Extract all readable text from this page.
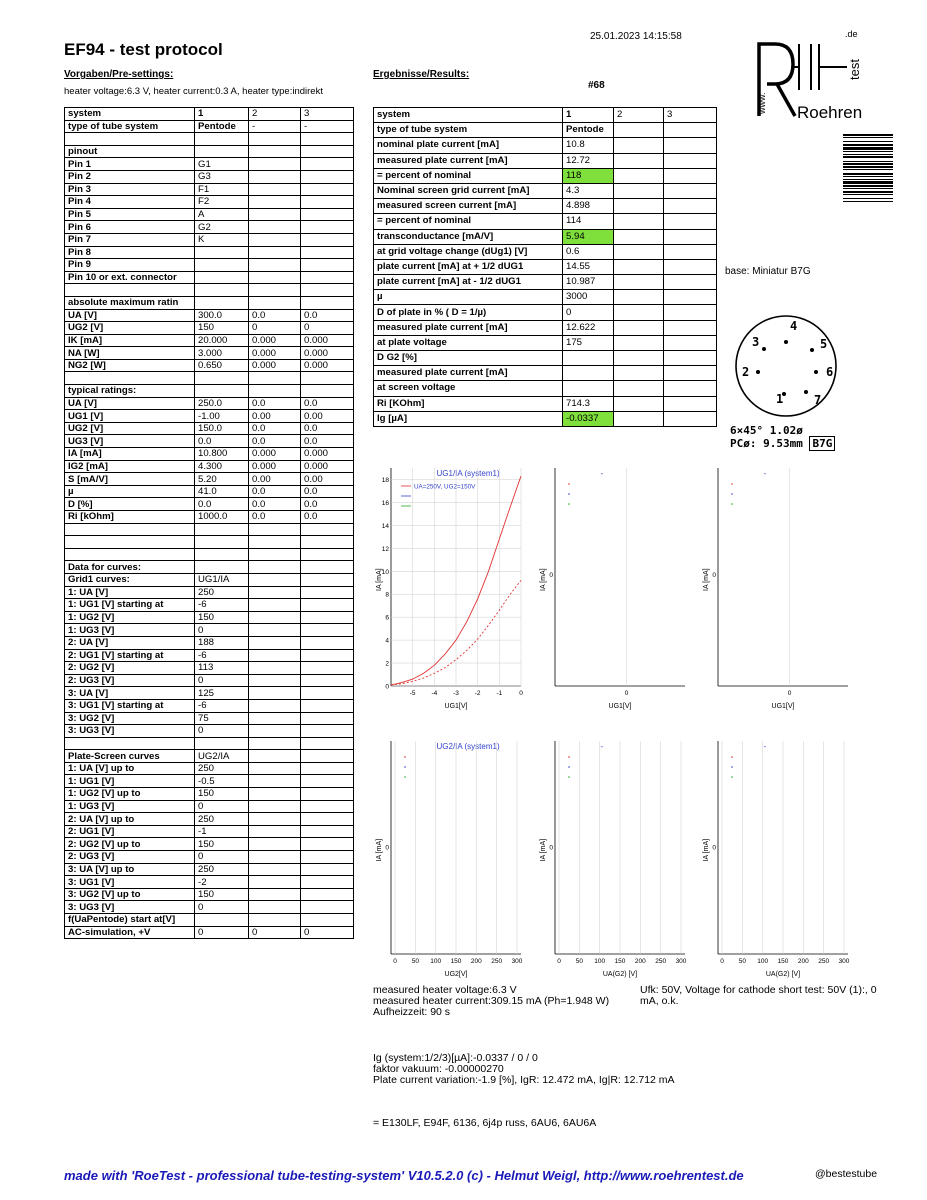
EF94 - test protocol
25.01.2023 14:15:58
Vorgaben/Pre-settings:
heater voltage:6.3 V, heater current:0.3 A, heater type:indirekt
Ergebnisse/Results:
#68
system	1	2	3
type of tube system	Pentode	-	-

pinout			
Pin 1	G1		
Pin 2	G3		
Pin 3	F1		
Pin 4	F2		
Pin 5	A		
Pin 6	G2		
Pin 7	K		
Pin 8			
Pin 9			
Pin 10 or ext. connector			

absolute maximum ratin			
UA [V]	300.0	0.0	0.0
UG2 [V]	150	0	0
IK [mA]	20.000	0.000	0.000
NA [W]	3.000	0.000	0.000
NG2 [W]	0.650	0.000	0.000

typical ratings:			
UA [V]	250.0	0.0	0.0
UG1 [V]	-1.00	0.00	0.00
UG2 [V]	150.0	0.0	0.0
UG3 [V]	0.0	0.0	0.0
IA [mA]	10.800	0.000	0.000
IG2 [mA]	4.300	0.000	0.000
S [mA/V]	5.20	0.00	0.00
µ	41.0	0.0	0.0
D [%]	0.0	0.0	0.0
Ri [kOhm]	1000.0	0.0	0.0

Data for curves:			
Grid1 curves:	UG1/IA		
1: UA [V]	250		
1: UG1 [V] starting at	-6		
1: UG2 [V]	150		
1: UG3 [V]	0		
2: UA [V]	188		
2: UG1 [V] starting at	-6		
2: UG2 [V]	113		
2: UG3 [V]	0		
3: UA [V]	125		
3: UG1 [V] starting at	-6		
3: UG2 [V]	75		
3: UG3 [V]	0		

Plate-Screen curves	UG2/IA		
1: UA [V] up to	250		
1: UG1 [V]	-0.5		
1: UG2 [V] up to	150		
1: UG3 [V]	0		
2: UA [V] up to	250		
2: UG1 [V]	-1		
2: UG2 [V] up to	150		
2: UG3 [V]	0		
3: UA [V] up to	250		
3: UG1 [V]	-2		
3: UG2 [V] up to	150		
3: UG3 [V]	0		
f(UaPentode) start at[V]			
AC-simulation, +V	0	0	0
system	1	2	3
type of tube system	Pentode		
nominal plate current [mA]	10.8		
measured plate current [mA]	12.72		
= percent of nominal	118		
Nominal screen grid current [mA]	4.3		
measured screen current [mA]	4.898		
= percent of nominal	114		
transconductance [mA/V]	5.94		
at grid voltage change (dUg1) [V]	0.6		
plate current [mA] at + 1/2 dUG1	14.55		
plate current [mA] at - 1/2 dUG1	10.987		
µ	3000		
D of plate in % ( D = 1/µ)	0		
measured plate current [mA]	12.622		
at plate voltage	175		
D G2 [%]			
measured plate current [mA]			
at screen voltage			
Ri [KOhm]	714.3		
Ig [µA]	-0.0337		
.de
www.
test
Roehren
base: Miniatur B7G
1
2
3
4
5
6
7
6×45° 1.02ø
PCø: 9.53mm B7G
UG1/IA (system1)
IA [mA]
UG1[V]
0
2
4
6
8
10
12
14
16
18
-5 -4 -3 -2 -1	0
UA=250V, UG2=150V
-
IA [mA]
UG1[V]
0
0
-
IA [mA]
UG1[V]
0
0
UG2/IA (system1)
IA [mA]
UG2[V]
0 50 100 150 200 250 300
0
-
IA [mA]
UA(G2) [V]
0 50 100 150 200 250 300
0
-
IA [mA]
UA(G2) [V]
0 50 100 150 200 250 300
0
measured heater voltage:6.3 V
measured heater current:309.15 mA (Ph=1.948 W)
Aufheizzeit: 90 s
Ufk: 50V, Voltage for cathode short test: 50V (1):, 0
mA, o.k.
Ig (system:1/2/3)[µA]:-0.0337 / 0 / 0
faktor vakuum: -0.00000270
Plate current variation:-1.9 [%], IgR: 12.472 mA, Ig|R: 12.712 mA
= E130LF, E94F, 6136, 6j4p russ, 6AU6, 6AU6A
made with 'RoeTest - professional tube-testing-system' V10.5.2.0 (c) - Helmut Weigl, http://www.roehrentest.de	@bestestube
